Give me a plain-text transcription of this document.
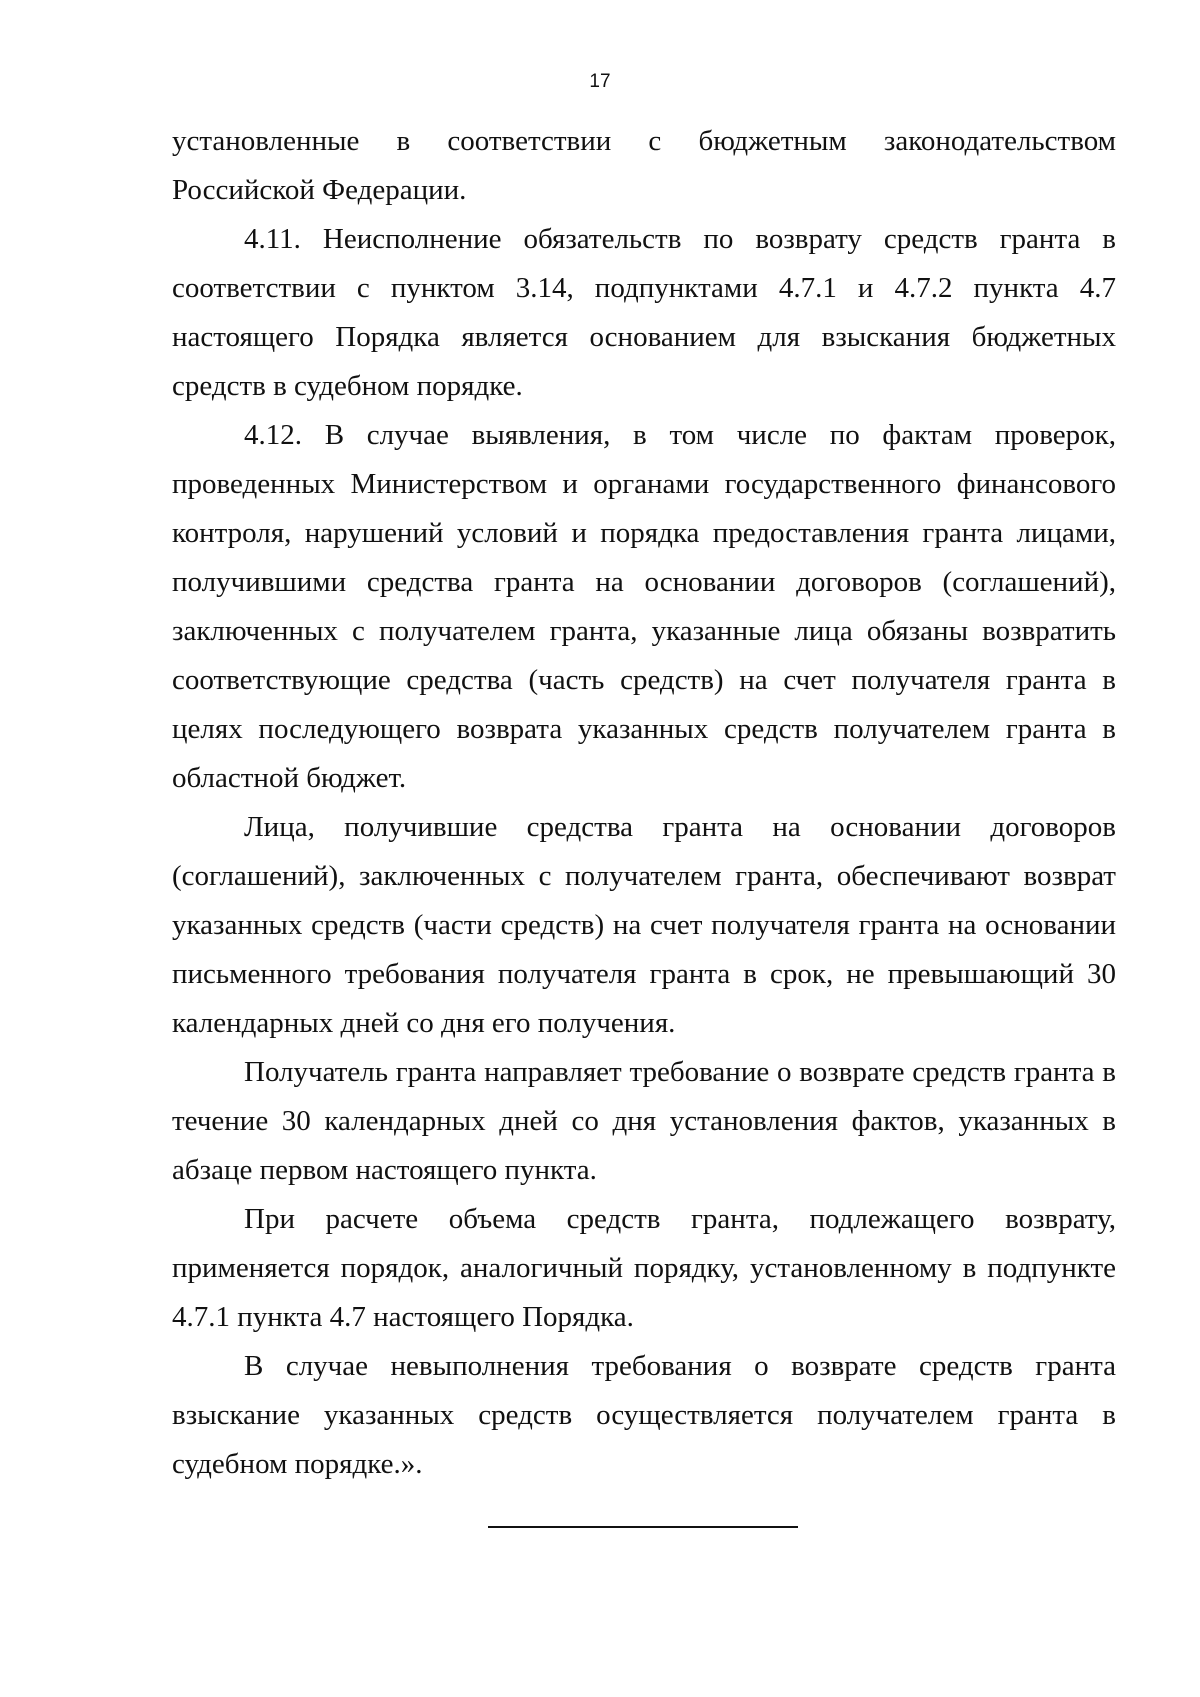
17

установленные в соответствии с бюджетным законодательством Российской Федерации.

4.11. Неисполнение обязательств по возврату средств гранта в соответствии с пунктом 3.14, подпунктами 4.7.1 и 4.7.2 пункта 4.7 настоящего Порядка является основанием для взыскания бюджетных средств в судебном порядке.

4.12. В случае выявления, в том числе по фактам проверок, проведенных Министерством и органами государственного финансового контроля, нарушений условий и порядка предоставления гранта лицами, получившими средства гранта на основании договоров (соглашений), заключенных с получателем гранта, указанные лица обязаны возвратить соответствующие средства (часть средств) на счет получателя гранта в целях последующего возврата указанных средств получателем гранта в областной бюджет.

Лица, получившие средства гранта на основании договоров (соглашений), заключенных с получателем гранта, обеспечивают возврат указанных средств (части средств) на счет получателя гранта на основании письменного требования получателя гранта в срок, не превышающий 30 календарных дней со дня его получения.

Получатель гранта направляет требование о возврате средств гранта в течение 30 календарных дней со дня установления фактов, указанных в абзаце первом настоящего пункта.

При расчете объема средств гранта, подлежащего возврату, применяется порядок, аналогичный порядку, установленному в подпункте 4.7.1 пункта 4.7 настоящего Порядка.

В случае невыполнения требования о возврате средств гранта взыскание указанных средств осуществляется получателем гранта в судебном порядке.».
